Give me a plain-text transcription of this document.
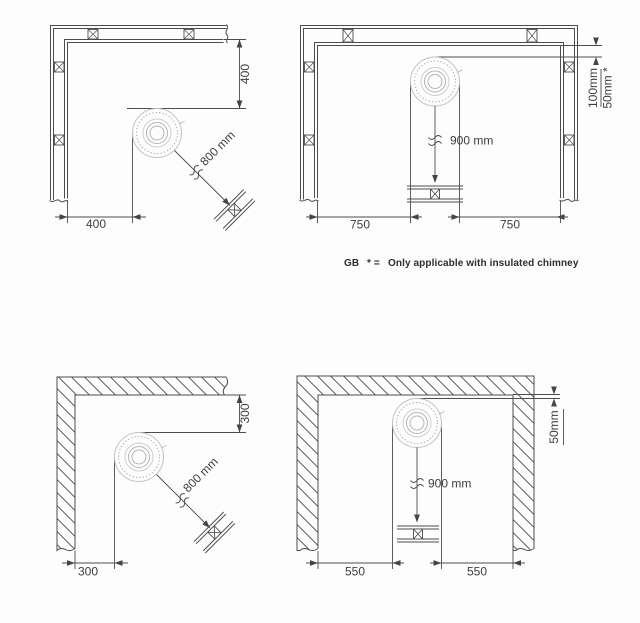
400
400
800 mm
750	750
900 mm
100mm 50mm *
GB * = Only applicable with insulated chimney
300
300
800 mm
550	550
900 mm
50mm
